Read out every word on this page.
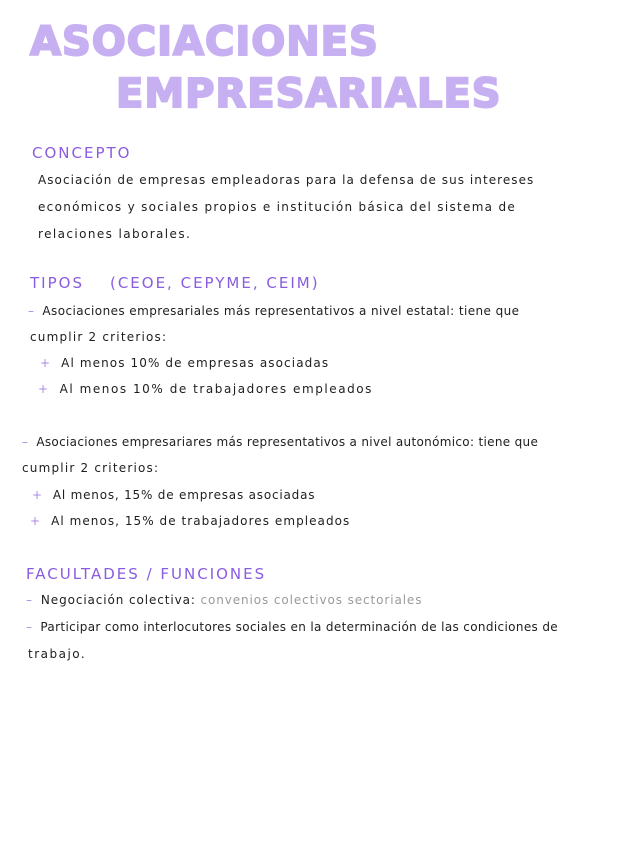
ASOCIACIONES
EMPRESARIALES
CONCEPTO
Asociación de empresas empleadoras para la defensa de sus intereses
económicos y sociales propios e institución básica del sistema de
relaciones laborales.
TIPOS (CEOE, CEPYME, CEIM)
– Asociaciones empresariales más representativos a nivel estatal: tiene que
cumplir 2 criterios:
+ Al menos 10% de empresas asociadas
+ Al menos 10% de trabajadores empleados
– Asociaciones empresariares más representativos a nivel autonómico: tiene que
cumplir 2 criterios:
+ Al menos, 15% de empresas asociadas
+ Al menos, 15% de trabajadores empleados
FACULTADES / FUNCIONES
– Negociación colectiva: convenios colectivos sectoriales
– Participar como interlocutores sociales en la determinación de las condiciones de
trabajo.
